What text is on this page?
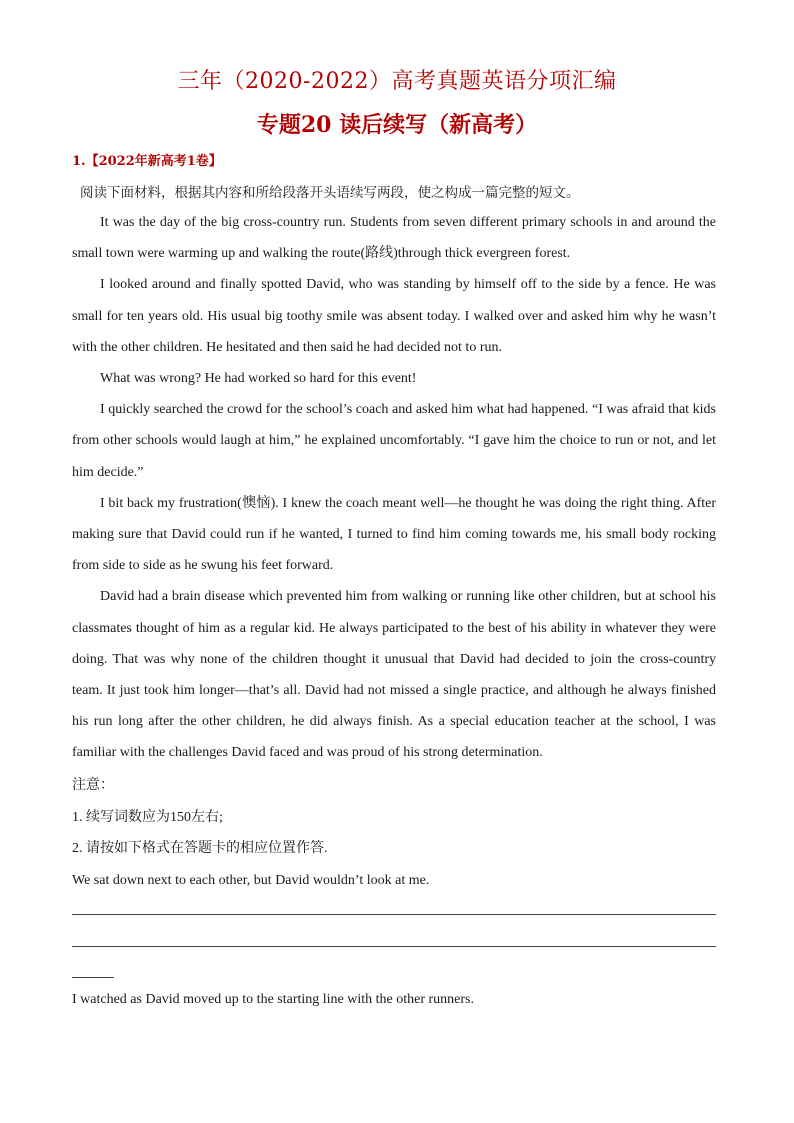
三年（2020-2022）高考真题英语分项汇编
专题20 读后续写（新高考）
1.【2022年新高考1卷】
阅读下面材料，根据其内容和所给段落开头语续写两段，使之构成一篇完整的短文。

It was the day of the big cross-country run. Students from seven different primary schools in and around the small town were warming up and walking the route(路线)through thick evergreen forest.

I looked around and finally spotted David, who was standing by himself off to the side by a fence. He was small for ten years old. His usual big toothy smile was absent today. I walked over and asked him why he wasn’t with the other children. He hesitated and then said he had decided not to run.

What was wrong? He had worked so hard for this event!

I quickly searched the crowd for the school’s coach and asked him what had happened. “I was afraid that kids from other schools would laugh at him,” he explained uncomfortably. “I gave him the choice to run or not, and let him decide.”

I bit back my frustration(懊恼). I knew the coach meant well—he thought he was doing the right thing. After making sure that David could run if he wanted, I turned to find him coming towards me, his small body rocking from side to side as he swung his feet forward.

David had a brain disease which prevented him from walking or running like other children, but at school his classmates thought of him as a regular kid. He always participated to the best of his ability in whatever they were doing. That was why none of the children thought it unusual that David had decided to join the cross-country team. It just took him longer—that’s all. David had not missed a single practice, and although he always finished his run long after the other children, he did always finish. As a special education teacher at the school, I was familiar with the challenges David faced and was proud of his strong determination.

注意：
1. 续写词数应为150左右;
2. 请按如下格式在答题卡的相应位置作答.
We sat down next to each other, but David wouldn’t look at me.
I watched as David moved up to the starting line with the other runners.
